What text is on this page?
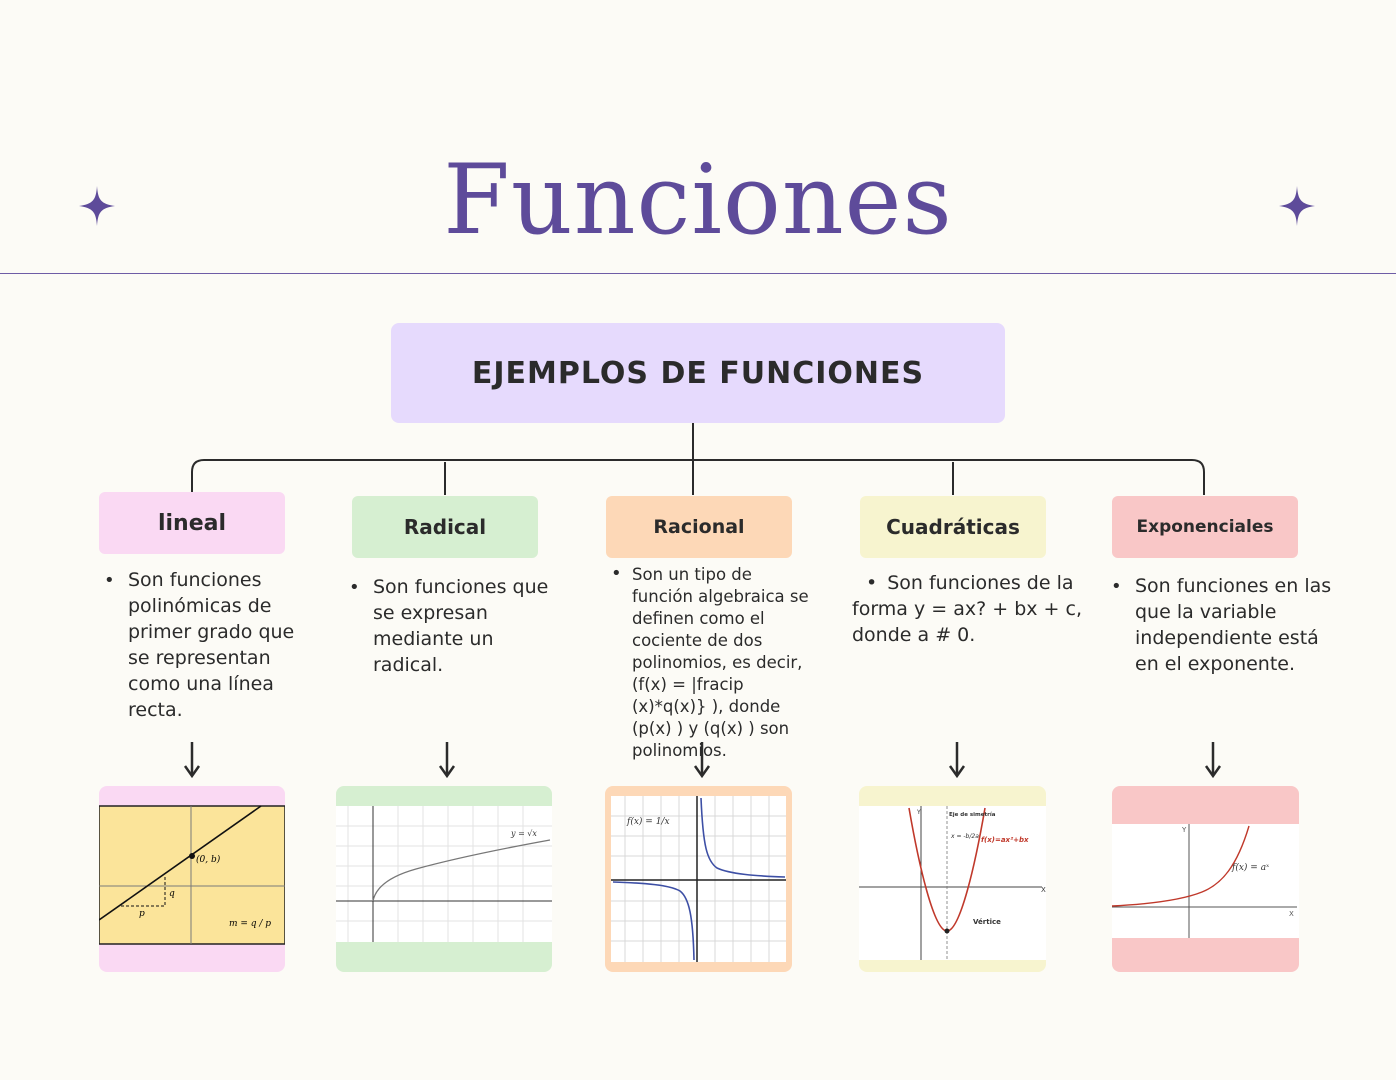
Funciones
EJEMPLOS DE FUNCIONES
lineal	Radical	Racional	Cuadráticas	Exponenciales
• Son funciones polinómicas de primer grado que se representan como una línea recta.
• Son funciones que se expresan mediante un radical.
• Son un tipo de función algebraica se definen como el cociente de dos polinomios, es decir, (f(x) = |fracip (x)*q(x)} ), donde (p(x) ) y (q(x) ) son polinomios.
• Son funciones de la forma y = ax? + bx + c, donde a # 0.
• Son funciones en las que la variable independiente está en el exponente.
(0, b)
q
p
m = q / p
y = √x
f(x) = 1/x
Eje de simetría
x = -b/2a f(x)=ax²+bx
Vértice
X
Y
f(x) = aˣ
Y
X
